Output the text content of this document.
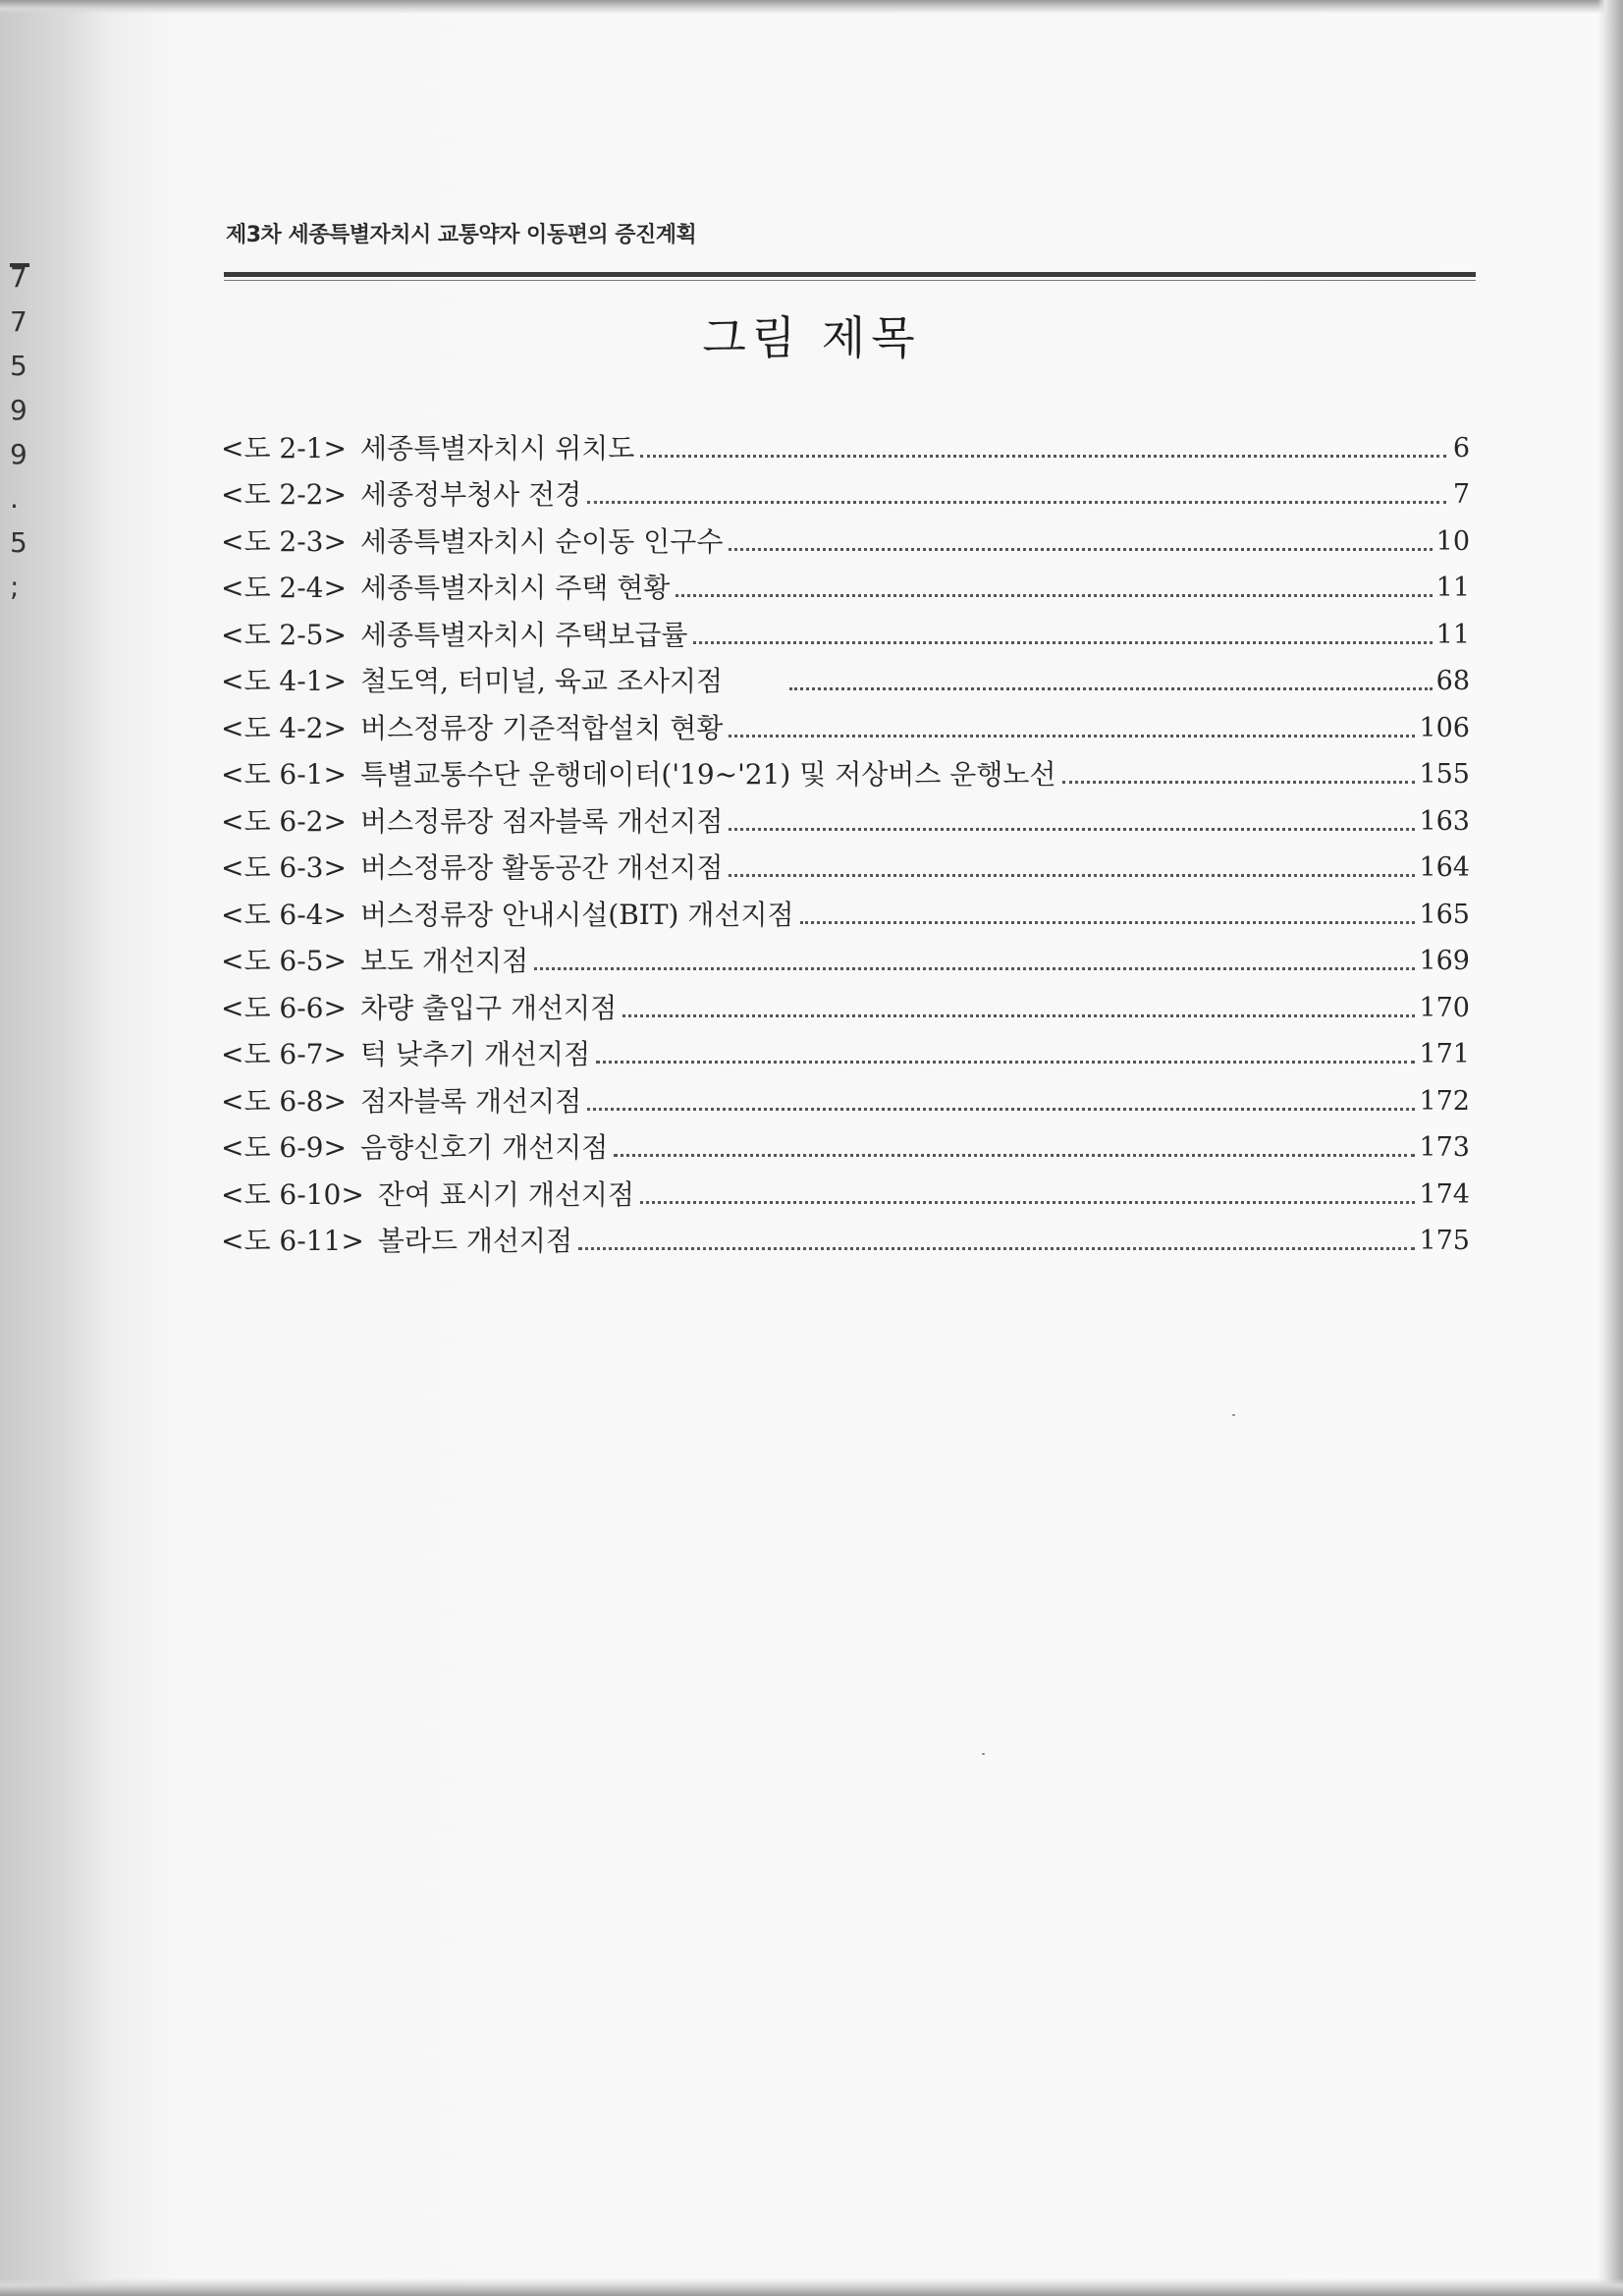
7
7
5
9
9
.
5
;
제3차 세종특별자치시 교통약자 이동편의 증진계획
그림 제목
<도 2-1> 세종특별자치시 위치도	6
<도 2-2> 세종정부청사 전경	7
<도 2-3> 세종특별자치시 순이동 인구수	10
<도 2-4> 세종특별자치시 주택 현황	11
<도 2-5> 세종특별자치시 주택보급률	11
<도 4-1> 철도역, 터미널, 육교 조사지점	68
<도 4-2> 버스정류장 기준적합설치 현황	106
<도 6-1> 특별교통수단 운행데이터('19~'21) 및 저상버스 운행노선	155
<도 6-2> 버스정류장 점자블록 개선지점	163
<도 6-3> 버스정류장 활동공간 개선지점	164
<도 6-4> 버스정류장 안내시설(BIT) 개선지점	165
<도 6-5> 보도 개선지점	169
<도 6-6> 차량 출입구 개선지점	170
<도 6-7> 턱 낮추기 개선지점	171
<도 6-8> 점자블록 개선지점	172
<도 6-9> 음향신호기 개선지점	173
<도 6-10> 잔여 표시기 개선지점	174
<도 6-11> 볼라드 개선지점	175
